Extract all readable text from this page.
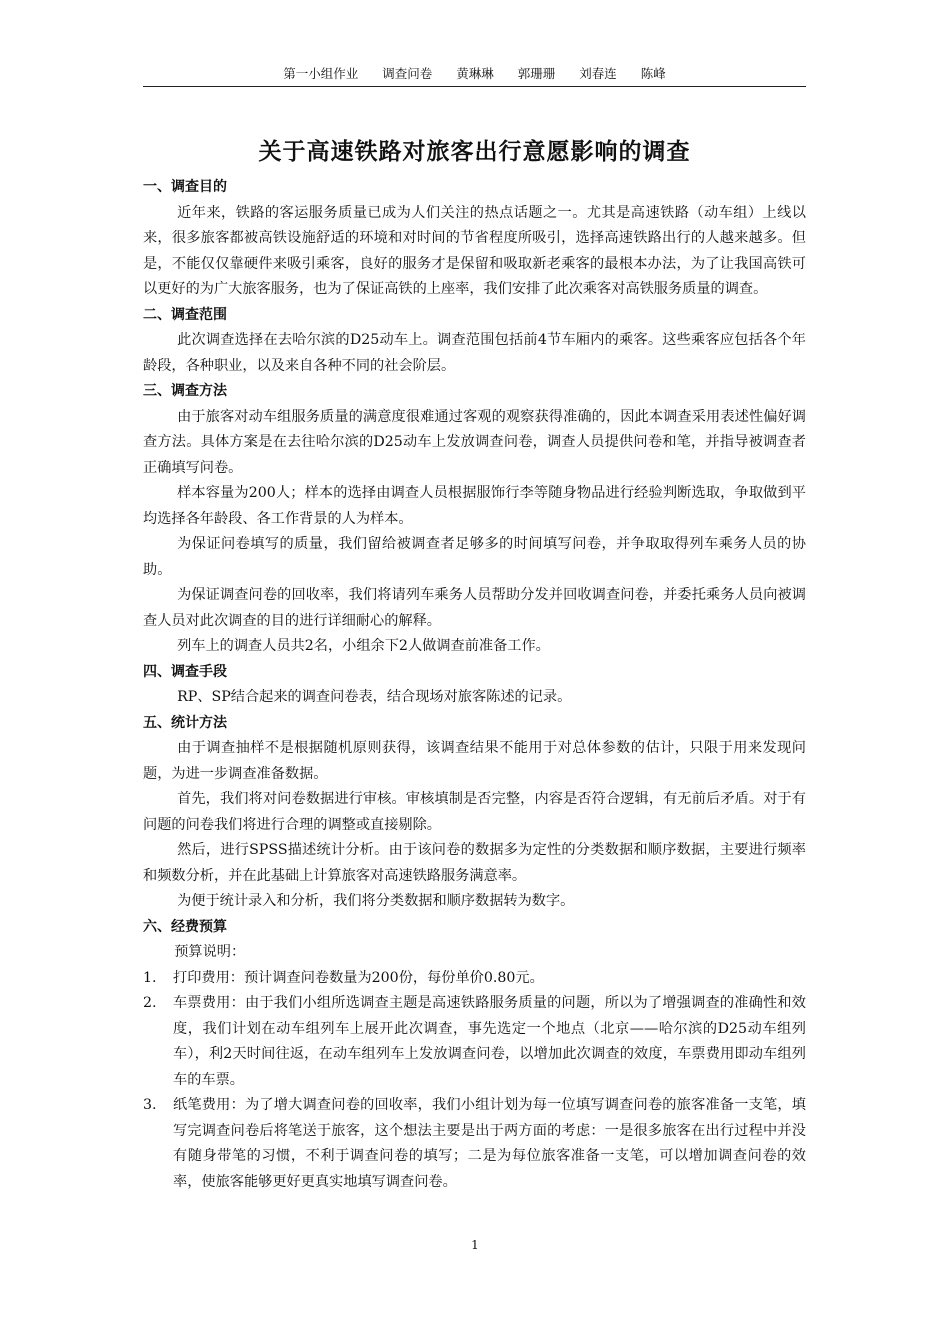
第一小组作业 调查问卷 黄琳琳 郭珊珊 刘春连 陈峰
关于高速铁路对旅客出行意愿影响的调查
一、调查目的

近年来，铁路的客运服务质量已成为人们关注的热点话题之一。尤其是高速铁路（动车组）上线以来，很多旅客都被高铁设施舒适的环境和对时间的节省程度所吸引，选择高速铁路出行的人越来越多。但是，不能仅仅靠硬件来吸引乘客，良好的服务才是保留和吸取新老乘客的最根本办法，为了让我国高铁可以更好的为广大旅客服务，也为了保证高铁的上座率，我们安排了此次乘客对高铁服务质量的调查。

二、调查范围

此次调查选择在去哈尔滨的D25动车上。调查范围包括前4节车厢内的乘客。这些乘客应包括各个年龄段，各种职业，以及来自各种不同的社会阶层。

三、调查方法

由于旅客对动车组服务质量的满意度很难通过客观的观察获得准确的，因此本调查采用表述性偏好调查方法。具体方案是在去往哈尔滨的D25动车上发放调查问卷，调查人员提供问卷和笔，并指导被调查者正确填写问卷。

样本容量为200人；样本的选择由调查人员根据服饰行李等随身物品进行经验判断选取，争取做到平均选择各年龄段、各工作背景的人为样本。

为保证问卷填写的质量，我们留给被调查者足够多的时间填写问卷，并争取取得列车乘务人员的协助。

为保证调查问卷的回收率，我们将请列车乘务人员帮助分发并回收调查问卷，并委托乘务人员向被调查人员对此次调查的目的进行详细耐心的解释。

列车上的调查人员共2名，小组余下2人做调查前准备工作。

四、调查手段

RP、SP结合起来的调查问卷表，结合现场对旅客陈述的记录。

五、统计方法

由于调查抽样不是根据随机原则获得，该调查结果不能用于对总体参数的估计，只限于用来发现问题，为进一步调查准备数据。

首先，我们将对问卷数据进行审核。审核填制是否完整，内容是否符合逻辑，有无前后矛盾。对于有问题的问卷我们将进行合理的调整或直接剔除。

然后，进行SPSS描述统计分析。由于该问卷的数据多为定性的分类数据和顺序数据，主要进行频率和频数分析，并在此基础上计算旅客对高速铁路服务满意率。

为便于统计录入和分析，我们将分类数据和顺序数据转为数字。

六、经费预算

预算说明：

1. 打印费用：预计调查问卷数量为200份，每份单价0.80元。
2. 车票费用：由于我们小组所选调查主题是高速铁路服务质量的问题，所以为了增强调查的准确性和效度，我们计划在动车组列车上展开此次调查，事先选定一个地点（北京——哈尔滨的D25动车组列车），利2天时间往返，在动车组列车上发放调查问卷，以增加此次调查的效度，车票费用即动车组列车的车票。
3. 纸笔费用：为了增大调查问卷的回收率，我们小组计划为每一位填写调查问卷的旅客准备一支笔，填写完调查问卷后将笔送于旅客，这个想法主要是出于两方面的考虑：一是很多旅客在出行过程中并没有随身带笔的习惯，不利于调查问卷的填写；二是为每位旅客准备一支笔，可以增加调查问卷的效率，使旅客能够更好更真实地填写调查问卷。
1
